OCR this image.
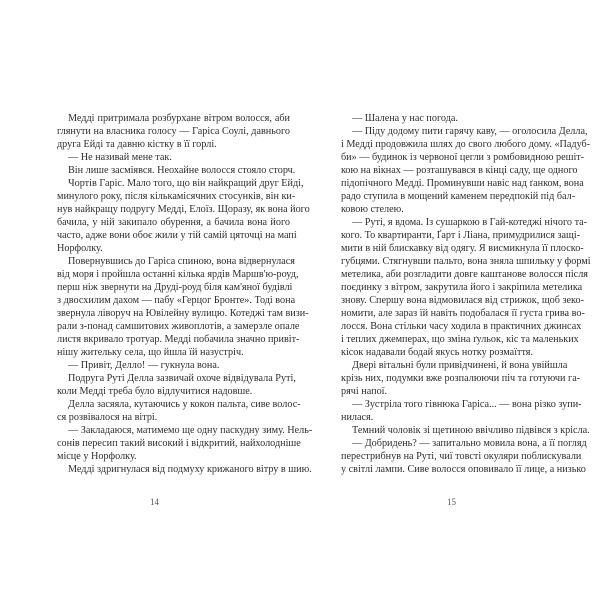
Медді притримала розбурхане вітром волосся, аби
глянути на власника голосу — Гаріса Соулі, давнього
друга Ейді та давню кістку в її горлі.
— Не називай мене так.
Він лише засміявся. Неохайне волосся стояло сторч.
Чортів Гаріс. Мало того, що він найкращий друг Ейді,
минулого року, після кількамісячних стосунків, він ки-
нув найкращу подругу Медді, Елоїз. Щоразу, як вона його
бачила, у ній закипало обурення, а бачила вона його
часто, адже вони обоє жили у тій самій цяточці на мапі
Норфолку.
Повернувшись до Гаріса спиною, вона відвернулася
від моря і пройшла останні кілька ярдів Маршв'ю-роуд,
перш ніж звернути на Друді-роуд біля кам'яної будівлі
з двосхилим дахом — пабу «Герцог Бронте». Тоді вона
звернула ліворуч на Ювілейну вулицю. Котеджі там визи-
рали з-понад самшитових живоплотів, а замерзле опале
листя вкривало тротуар. Медді побачила значно привіт-
нішу жительку села, що йшла їй назустріч.
— Привіт, Делло! — гукнула вона.
Подруга Руті Делла зазвичай охоче відвідувала Руті,
коли Медді треба було відлучитися надовше.
Делла засяяла, кутаючись у кокон пальта, сиве волос-
ся розвівалося на вітрі.
— Закладаюся, матимемо ще одну паскудну зиму. Нель-
сонів пересип такий високий і відкритий, найхолодніше
місце у Норфолку.
Медді здригнулася від подмуху крижаного вітру в шию.
— Шалена у нас погода.
— Піду додому пити гарячу каву, — оголосила Делла,
і Медді продовжила шлях до свого любого дому. «Падуб-
би» — будинок із червоної цегли з ромбовидною решіт-
кою на вікнах — розташувався в кінці саду, ще одного
підопічного Медді. Проминувши навіс над ґанком, вона
радо ступила в мощений каменем передпокій під бал-
ковою стелею.
— Руті, я вдома. Із сушаркою в Гай-котеджі нічого та-
кого. То квартиранти, Ґарт і Ліана, примудрилися защі-
мити в ній блискавку від одягу. Я висмикнула її плоско-
губцями. Стягнувши пальто, вона зняла шпильку у формі
метелика, аби розгладити довге каштанове волосся після
поєдинку з вітром, закрутила його і закріпила метелика
знову. Спершу вона відмовилася від стрижок, щоб зеко-
номити, але зараз їй навіть подобалася її густа грива во-
лосся. Вона стільки часу ходила в практичних джинсах
і теплих джемперах, що зміна ґульок, кіс та маленьких
кісок надавали бодай якусь нотку розмаїття.
Двері вітальні були привідчинені, й вона увійшла
крізь них, подумки вже розпалюючи піч та готуючи га-
рячі напої.
— Зустріла того гівнюка Гаріса... — вона різко зупи-
нилася.
Темний чоловік зі щетиною ввічливо підвівся з крісла.
— Добридень? — запитально мовила вона, а її погляд
перестрибнув на Руті, чиї товсті окуляри поблискували
у світлі лампи. Сиве волосся оповивало її лице, а низько
14	15
